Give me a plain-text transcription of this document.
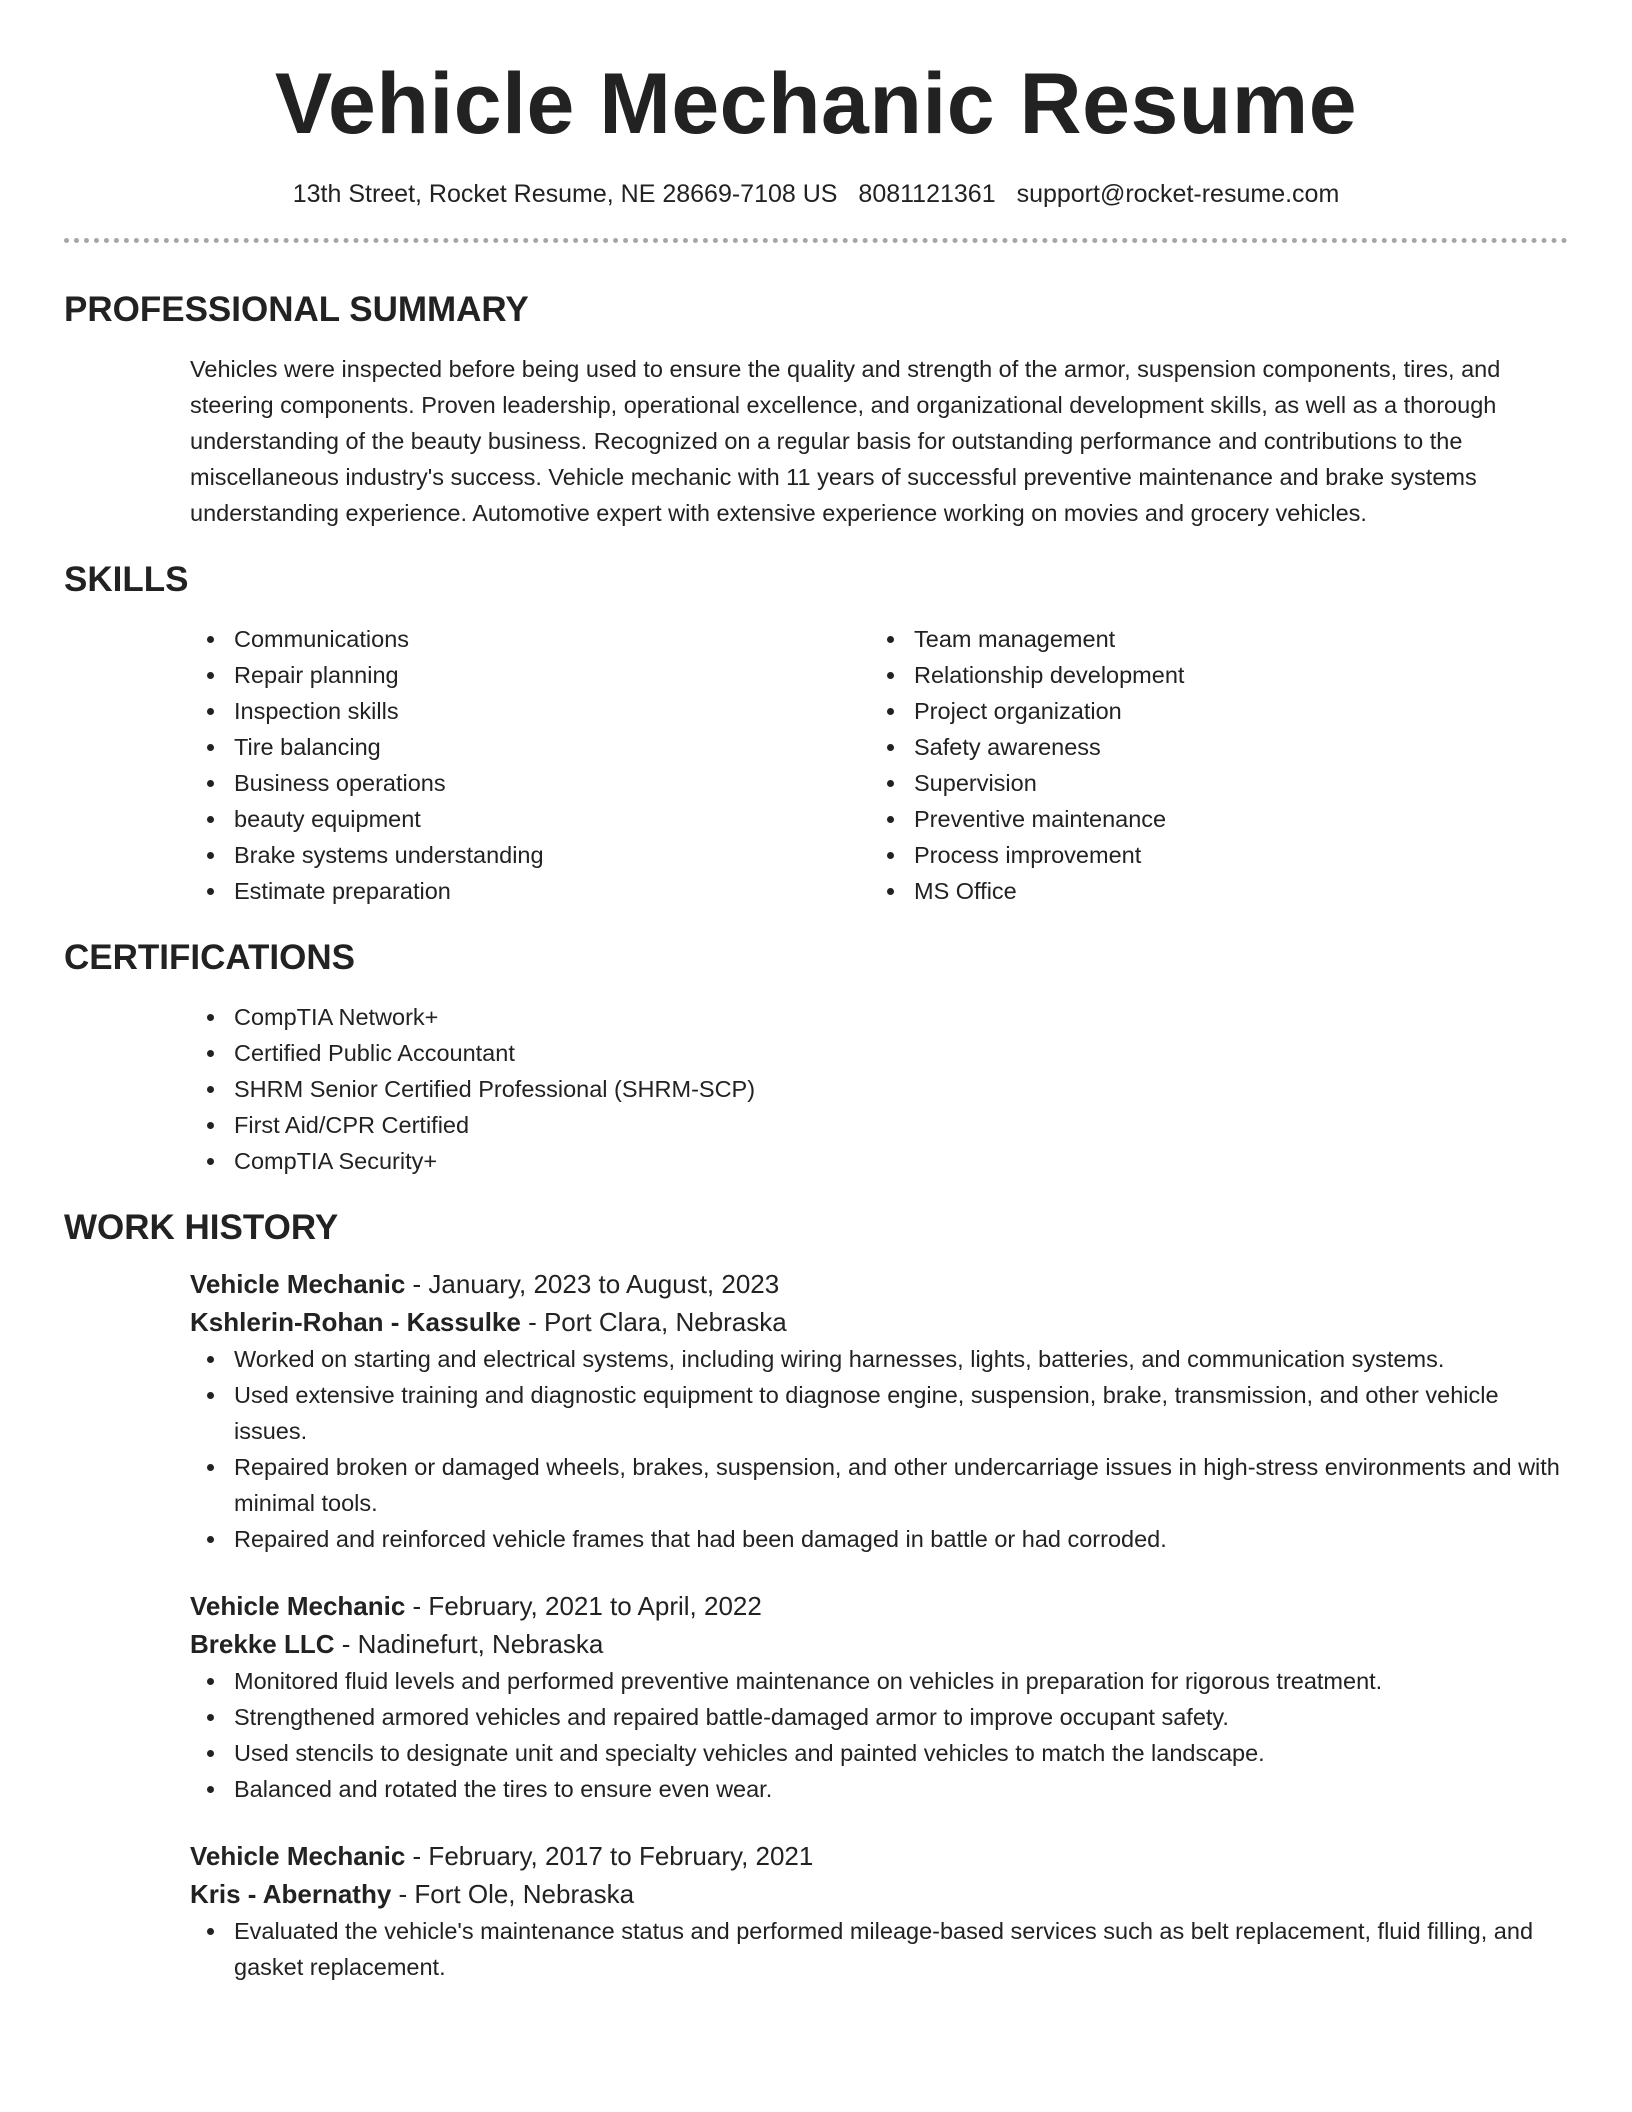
Vehicle Mechanic Resume
13th Street, Rocket Resume, NE 28669-7108 US 8081121361 support@rocket-resume.com
PROFESSIONAL SUMMARY

Vehicles were inspected before being used to ensure the quality and strength of the armor, suspension components, tires, and steering components. Proven leadership, operational excellence, and organizational development skills, as well as a thorough understanding of the beauty business. Recognized on a regular basis for outstanding performance and contributions to the miscellaneous industry's success. Vehicle mechanic with 11 years of successful preventive maintenance and brake systems understanding experience. Automotive expert with extensive experience working on movies and grocery vehicles.

SKILLS
Communications
Repair planning
Inspection skills
Tire balancing
Business operations
beauty equipment
Brake systems understanding
Estimate preparation
Team management
Relationship development
Project organization
Safety awareness
Supervision
Preventive maintenance
Process improvement
MS Office
CERTIFICATIONS
CompTIA Network+
Certified Public Accountant
SHRM Senior Certified Professional (SHRM-SCP)
First Aid/CPR Certified
CompTIA Security+
WORK HISTORY
Vehicle Mechanic - January, 2023 to August, 2023
Kshlerin-Rohan - Kassulke - Port Clara, Nebraska
Worked on starting and electrical systems, including wiring harnesses, lights, batteries, and communication systems.
Used extensive training and diagnostic equipment to diagnose engine, suspension, brake, transmission, and other vehicle issues.
Repaired broken or damaged wheels, brakes, suspension, and other undercarriage issues in high-stress environments and with minimal tools.
Repaired and reinforced vehicle frames that had been damaged in battle or had corroded.
Vehicle Mechanic - February, 2021 to April, 2022
Brekke LLC - Nadinefurt, Nebraska
Monitored fluid levels and performed preventive maintenance on vehicles in preparation for rigorous treatment.
Strengthened armored vehicles and repaired battle-damaged armor to improve occupant safety.
Used stencils to designate unit and specialty vehicles and painted vehicles to match the landscape.
Balanced and rotated the tires to ensure even wear.
Vehicle Mechanic - February, 2017 to February, 2021
Kris - Abernathy - Fort Ole, Nebraska
Evaluated the vehicle's maintenance status and performed mileage-based services such as belt replacement, fluid filling, and gasket replacement.
